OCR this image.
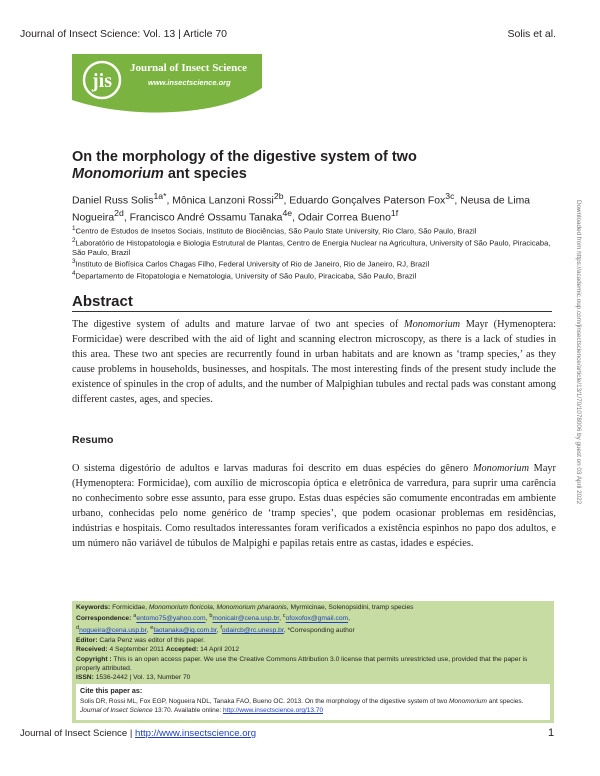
Journal of Insect Science: Vol. 13 | Article 70	Solis et al.
jis
Journal of Insect Science
www.insectscience.org
On the morphology of the digestive system of two
Monomorium ant species
Daniel Russ Solis$^{1a*}$, Mônica Lanzoni Rossi$^{2b}$, Eduardo Gonçalves Paterson Fox$^{3c}$, Neusa de Lima Nogueira$^{2d}$, Francisco André Ossamu Tanaka$^{4e}$, Odair Correa Bueno$^{1f}$
$^1$Centro de Estudos de Insetos Sociais, Instituto de Biociências, São Paulo State University, Rio Claro, São Paulo, Brazil
$^2$Laboratório de Histopatologia e Biologia Estrutural de Plantas, Centro de Energia Nuclear na Agricultura, University of São Paulo, Piracicaba, São Paulo, Brazil
$^3$Instituto de Biofísica Carlos Chagas Filho, Federal University of Rio de Janeiro, Rio de Janeiro, RJ, Brazil
$^4$Departamento de Fitopatologia e Nematologia, University of São Paulo, Piracicaba, São Paulo, Brazil
Abstract
The digestive system of adults and mature larvae of two ant species of Monomorium Mayr (Hymenoptera: Formicidae) were described with the aid of light and scanning electron microscopy, as there is a lack of studies in this area. These two ant species are recurrently found in urban habitats and are known as ‘tramp species,’ as they cause problems in households, businesses, and hospitals. The most interesting finds of the present study include the existence of spinules in the crop of adults, and the number of Malpighian tubules and rectal pads was constant among different castes, ages, and species.
Resumo
O sistema digestório de adultos e larvas maduras foi descrito em duas espécies do gênero Monomorium Mayr (Hymenoptera: Formicidae), com auxílio de microscopia óptica e eletrônica de varredura, para suprir uma carência no conhecimento sobre esse assunto, para esse grupo. Estas duas espécies são comumente encontradas em ambiente urbano, conhecidas pelo nome genérico de ‘tramp species’, que podem ocasionar problemas em residências, indústrias e hospitais. Como resultados interessantes foram verificados a existência espinhos no papo dos adultos, e um número não variável de túbulos de Malpighi e papilas retais entre as castas, idades e espécies.
Keywords: Formicidae, Monomorium floricola, Monomorium pharaonis, Myrmicinae, Solenopsidini, tramp species
Correspondence: $^a$entomo75@yahoo.com, $^b$monicalr@cena.usp.br, $^c$ofoxofox@gmail.com,
$^d$nogueira@cena.usp.br, $^e$faotanaka@ig.com.br, $^f$odaircb@rc.unesp.br, *Corresponding author
Editor: Carla Penz was editor of this paper.
Received: 4 September 2011 Accepted: 14 April 2012
Copyright : This is an open access paper. We use the Creative Commons Attribution 3.0 license that permits unrestricted use, provided that the paper is properly attributed.
ISSN: 1536-2442 | Vol. 13, Number 70
Cite this paper as:
Solis DR, Rossi ML, Fox EGP, Nogueira NDL, Tanaka FAO, Bueno OC. 2013. On the morphology of the digestive system of two Monomorium ant species. Journal of Insect Science 13:70. Available online: http://www.insectscience.org/13.70
Downloaded from https://academic.oup.com/jinsectscience/article/13/1/70/1078006 by guest on 03 April 2022
Journal of Insect Science | http://www.insectscience.org	1
